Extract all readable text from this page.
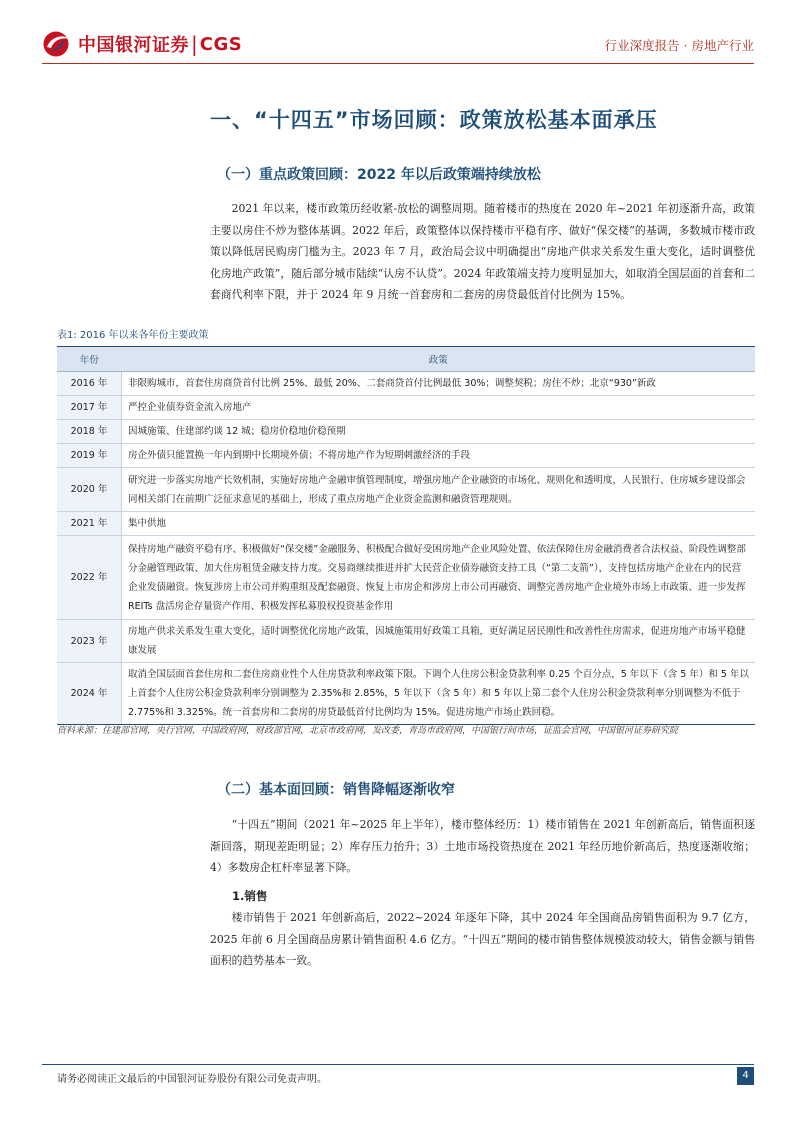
中国银河证券 | CGS	行业深度报告 · 房地产行业
一、“十四五”市场回顾：政策放松基本面承压
（一）重点政策回顾：2022 年以后政策端持续放松
2021 年以来，楼市政策历经收紧-放松的调整周期。随着楼市的热度在 2020 年~2021 年初逐渐升高，政策主要以房住不炒为整体基调。2022 年后，政策整体以保持楼市平稳有序、做好“保交楼”的基调，多数城市楼市政策以降低居民购房门槛为主。2023 年 7 月，政治局会议中明确提出“房地产供求关系发生重大变化，适时调整优化房地产政策”，随后部分城市陆续“认房不认贷”。2024 年政策端支持力度明显加大，如取消全国层面的首套和二套商代利率下限，并于 2024 年 9 月统一首套房和二套房的房贷最低首付比例为 15%。
表1: 2016 年以来各年份主要政策
年份	政策
2016 年	非限购城市，首套住房商贷首付比例 25%、最低 20%、二套商贷首付比例最低 30%；调整契税；房住不炒；北京“930”新政
2017 年	严控企业债券资金流入房地产
2018 年	因城施策、住建部约谈 12 城；稳房价稳地价稳预期
2019 年	房企外债只能置换一年内到期中长期境外债；不将房地产作为短期刺激经济的手段
2020 年	研究进一步落实房地产长效机制，实施好房地产金融审慎管理制度，增强房地产企业融资的市场化、规则化和透明度，人民银行、住房城乡建设部会同相关部门在前期广泛征求意见的基础上，形成了重点房地产企业资金监测和融资管理规则。
2021 年	集中供地
2022 年	保持房地产融资平稳有序、积极做好“保交楼”金融服务、积极配合做好受困房地产企业风险处置、依法保障住房金融消费者合法权益、阶段性调整部分金融管理政策、加大住房租赁金融支持力度。交易商继续推进并扩大民营企业债券融资支持工具（“第二支箭”），支持包括房地产企业在内的民营企业发债融资。恢复涉房上市公司并购重组及配套融资、恢复上市房企和涉房上市公司再融资、调整完善房地产企业境外市场上市政策、进一步发挥 REITs 盘活房企存量资产作用、积极发挥私募股权投资基金作用
2023 年	房地产供求关系发生重大变化，适时调整优化房地产政策，因城施策用好政策工具箱，更好满足居民刚性和改善性住房需求，促进房地产市场平稳健康发展
2024 年	取消全国层面首套住房和二套住房商业性个人住房贷款利率政策下限。下调个人住房公积金贷款利率 0.25 个百分点，5 年以下（含 5 年）和 5 年以上首套个人住房公积金贷款利率分别调整为 2.35%和 2.85%，5 年以下（含 5 年）和 5 年以上第二套个人住房公积金贷款利率分别调整为不低于 2.775%和 3.325%。统一首套房和二套房的房贷最低首付比例均为 15%。促进房地产市场止跌回稳。
资料来源：住建部官网，央行官网，中国政府网，财政部官网，北京市政府网，发改委，青岛市政府网，中国银行间市场，证监会官网，中国银河证券研究院
（二）基本面回顾：销售降幅逐渐收窄
“十四五”期间（2021 年~2025 年上半年），楼市整体经历：1）楼市销售在 2021 年创新高后，销售面积逐渐回落，期现差距明显；2）库存压力抬升；3）土地市场投资热度在 2021 年经历地价新高后，热度逐渐收缩；4）多数房企杠杆率显著下降。
1.销售
楼市销售于 2021 年创新高后，2022~2024 年逐年下降，其中 2024 年全国商品房销售面积为 9.7 亿方，2025 年前 6 月全国商品房累计销售面积 4.6 亿方。“十四五”期间的楼市销售整体规模波动较大，销售金额与销售面积的趋势基本一致。
请务必阅读正文最后的中国银河证券股份有限公司免责声明。	4
